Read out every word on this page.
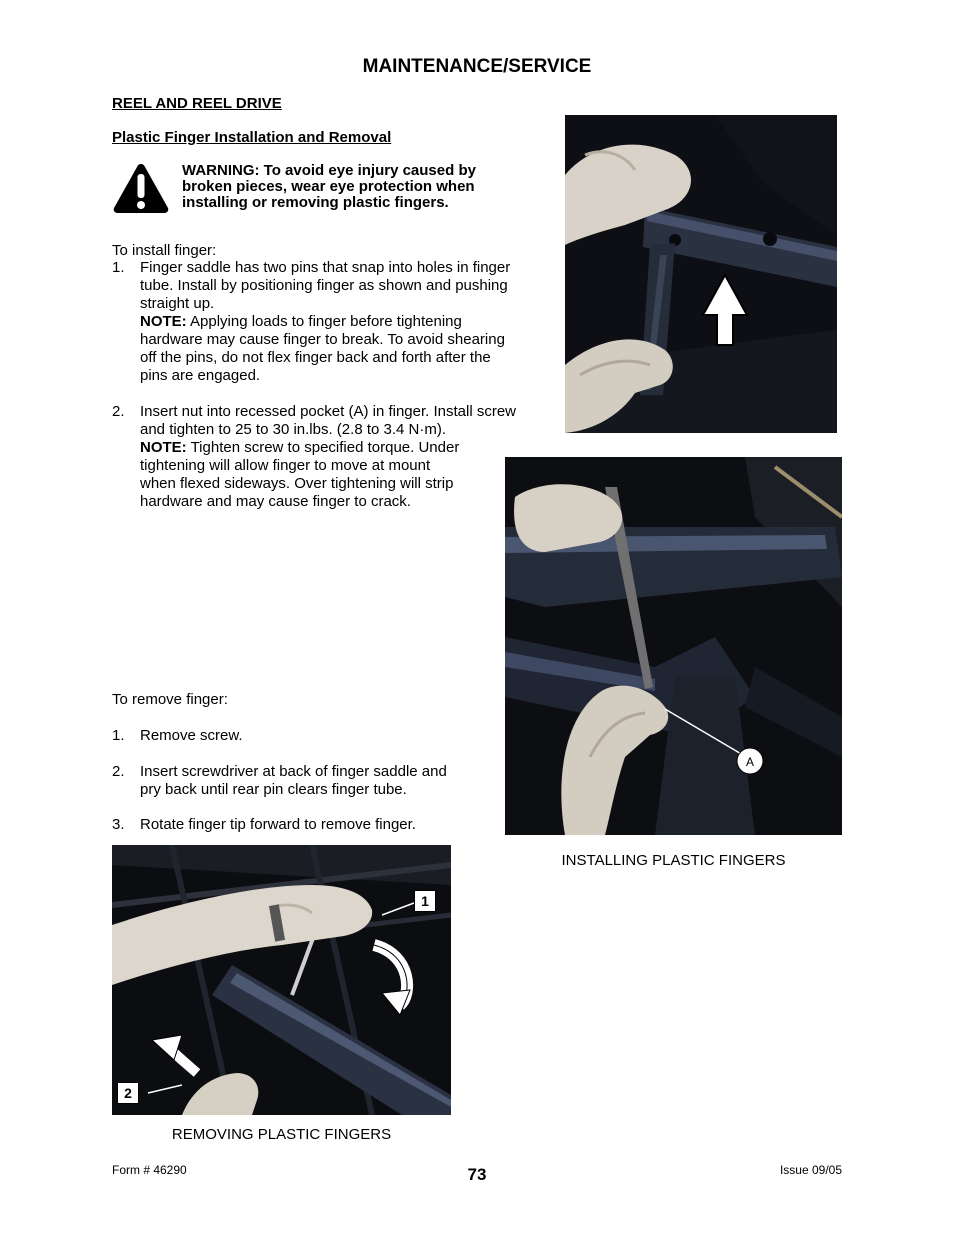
MAINTENANCE/SERVICE
REEL AND REEL DRIVE
Plastic Finger Installation and Removal
WARNING: To avoid eye injury caused by
broken pieces, wear eye protection when
installing or removing plastic fingers.
To install finger:
1. Finger saddle has two pins that snap into holes in finger
tube. Install by positioning finger as shown and pushing
straight up.
NOTE: Applying loads to finger before tightening
hardware may cause finger to break. To avoid shearing
off the pins, do not flex finger back and forth after the
pins are engaged.
2. Insert nut into recessed pocket (A) in finger. Install screw
and tighten to 25 to 30 in.lbs. (2.8 to 3.4 N·m).
NOTE: Tighten screw to specified torque. Under
tightening will allow finger to move at mount
when flexed sideways. Over tightening will strip
hardware and may cause finger to crack.
To remove finger:
1. Remove screw.
2. Insert screwdriver at back of finger saddle and
pry back until rear pin clears finger tube.
3. Rotate finger tip forward to remove finger.
A
INSTALLING PLASTIC FINGERS
1
2
REMOVING PLASTIC FINGERS
Form # 46290	73	Issue 09/05
